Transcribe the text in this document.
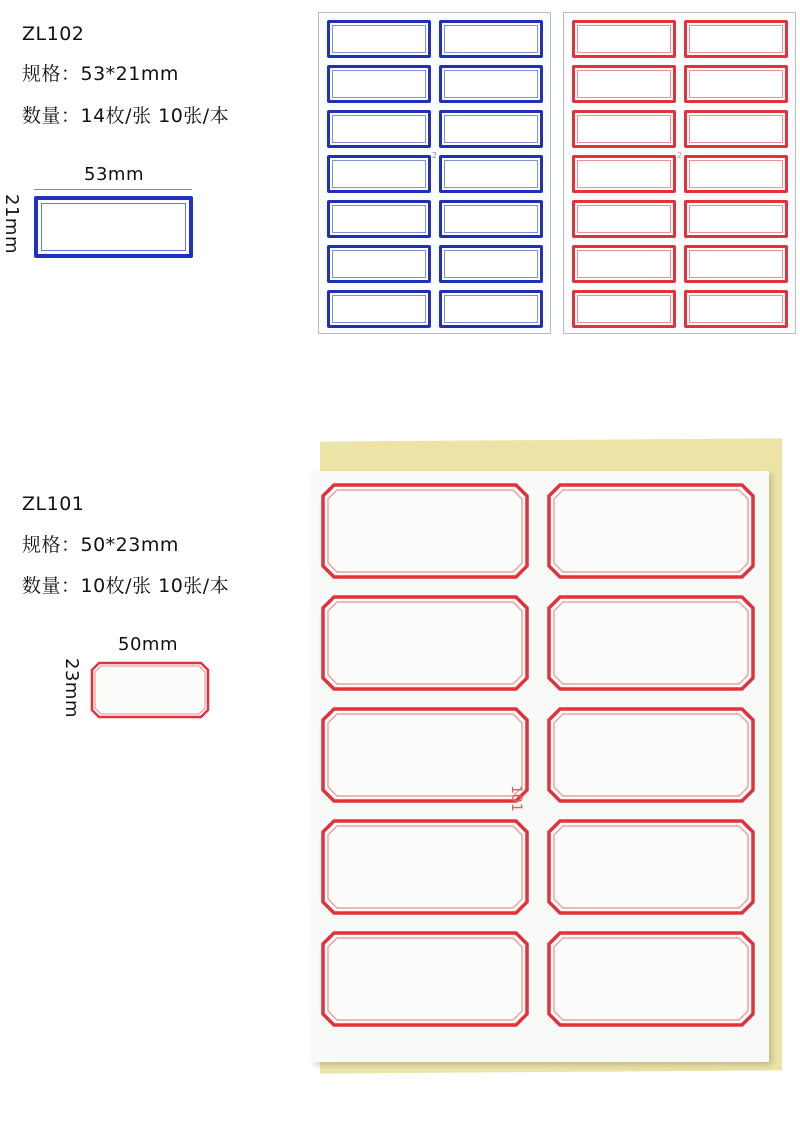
ZL102
规格：53*21mm
数量：14枚/张 10张/本
53mm
21mm
2	2
ZL101
规格：50*23mm
数量：10枚/张 10张/本
50mm
23mm
101
